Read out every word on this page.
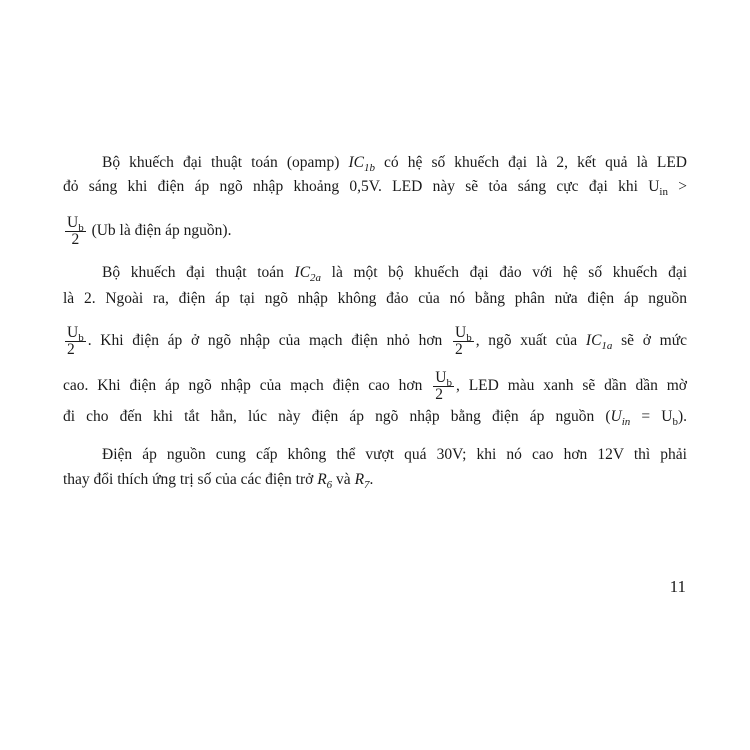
Bộ khuếch đại thuật toán (opamp) $IC_{1b}$ có hệ số khuếch đại là 2, kết quả là LED
đỏ sáng khi điện áp ngõ nhập khoảng 0,5V. LED này sẽ tỏa sáng cực đại khi $U_{in}$ >
$\frac{U_b}{2} (Ub$ là điện áp nguồn).
Bộ khuếch đại thuật toán $IC_{2a}$ là một bộ khuếch đại đảo với hệ số khuếch đại
là 2. Ngoài ra, điện áp tại ngõ nhập không đảo của nó bằng phân nửa điện áp nguồn
$\frac{U_b}{2}$ . Khi điện áp ở ngõ nhập của mạch điện nhỏ hơn $\frac{U_b}{2}$ , ngõ xuất của $IC_{1a}$ sẽ ở mức
cao. Khi điện áp ngõ nhập của mạch điện cao hơn $\frac{U_b}{2}$ , LED màu xanh sẽ dần dần mờ
đi cho đến khi tắt hẳn, lúc này điện áp ngõ nhập bằng điện áp nguồn $(U_{in} = U_b)$.
Điện áp nguồn cung cấp không thể vượt quá 30V; khi nó cao hơn 12V thì phải
thay đổi thích ứng trị số của các điện trở $R_6$ và $R_7$.
11
